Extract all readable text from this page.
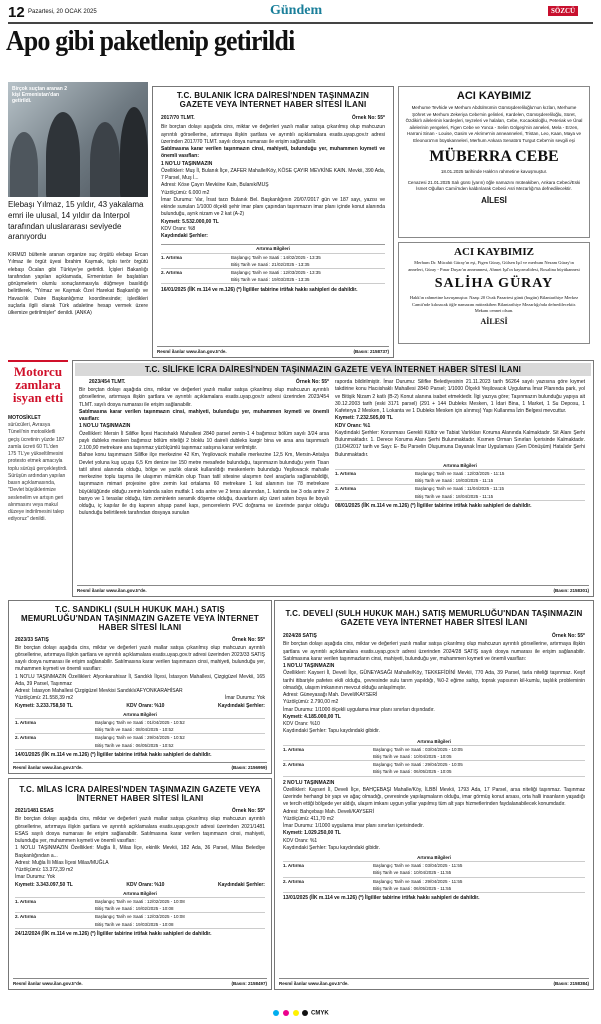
12 Pazartesi, 20 OCAK 2025	Gündem	SÖZCÜ
Apo gibi paketlenip getirildi
Birçok suçtan aranan 2 kişi Ermenistan'dan getirildi.
Elebaşı Yılmaz, 15 yıldır, 43 yakalama emri ile ulusal, 14 yıldır da Interpol tarafından uluslararası seviyede aranıyordu
KIRMIZI bültenle aranan organize suç örgütü elebaşı Ercan Yılmaz ile örgüt üyesi İbrahim Kaymak, tıpkı terör örgütü elebaşı Öcalan gibi Türkiye'ye getirildi. İçişleri Bakanlığı tarafından yapılan açıklamada, Ermenistan ile başlatılan görüşmelerin olumlu sonuçlanmasıyla düğmeye basıldığı belirtilerek, "Yılmaz ve Kaymak Özel Harekat Başkanlığı ve Havacılık Daire Başkanlığımız koordinesinde; işledikleri suçlarla ilgili olarak Türk adaletine hesap vermek üzere ülkemize getirilmişler" denildi. (ANKA)
T.C. BULANIK İCRA DAİRESİ'NDEN TAŞINMAZIN GAZETE VEYA İNTERNET HABER SİTESİ İLANI
2017/70 TLMT.	Örnek No: 55*
Bir borçtan dolayı aşağıda cins, miktar ve değerleri yazılı mallar satışa çıkarılmış olup mahcuzun ayrıntılı görsellerine, artırmaya ilişkin şartlara ve ayrıntılı açıklamalara esatis.uyap.gov.tr adresi üzerinden 2017/70 TLMT. sayılı dosya numarası ile erişim sağlanabilir.
Satılmasına karar verilen taşınmazın cinsi, mahiyeti, bulunduğu yer, muhammen kıymeti ve önemli vasıfları:
1 NO'LU TAŞINMAZIN
Özellikleri: Muş İl, Bulanık İlçe, ZAFER Mahalle/Köy, KÖSE ÇAYIR MEVKİNE KAIN. Mevkii, 390 Ada, 7 Parsel, Muş İ...
Adresi: Köse Çayırı Mevkiine Kain, Bulanık/MUŞ
Yüzölçümü: 6.000 m2
İmar Durumu: Var, İrsat tarzı Bulanık Bel. Başkanlığının 20/07/2017 gün ve 187 sayı, yazısı ve ekinde sunulan 1/1000 ölçekli şehir imar planı çapından taşınmazın imar planı içinde konut alanında bulunduğu, ayrık nizam ve 2 kat (A-2)
Kıymeti: 5.532.000,00 TL
KDV Oranı: %8
Kaydındaki Şerhler:
Artırma Bilgileri
1. Artırma	Başlangıç Tarih ve Saati : 14/02/2025 - 13:35
Bitiş Tarih ve Saati : 21/02/2025 - 13:35
2. Artırma	Başlangıç Tarih ve Saati : 12/03/2025 - 13:35
Bitiş Tarih ve Saati : 19/03/2025 - 13:35
16/01/2025 (İİK m.114 ve m.126) (*) İlgililer tabirine irtifak hakkı sahipleri de dahildir.
Resmî ilanlar www.ilan.gov.tr'de.	(Basın: 2158737)
ACI KAYBIMIZ
Merhume Tevhide ve Merhum Abdülmümin Gümüşdereliloğlu'nun kızları, Merhume Şöhret ve Merhum Zekeriya Cebe'nin gelinleri, Kardelen, Gümüşdereliloğlu, Süret, Özdikirlı ailelerinin kardeşleri, teyzeleri ve halaları, Cebe, Kocaoküloğlu, Peteriak ve Ünal ailelerinin yengeleri, Figen Cebe ve Yonca - Selim Gölgeşi'nin anneleri, Mela - Erzen, Harrani Sinan - Louise, Gasim ve Akrime'nin anneanneleri, Tristan, Leo, Kaan, Maya ve Eleonora'nın büyükanneleri, Merhum Ankara Senatörü Turgut Cebe'nin sevgili eşi
MÜBERRA CEBE
18.01.2025 tarihinde Hakk'ın rahmetine kavuşmuştur.
Cenazesi 21.01.2025 Salı günü (yarın) öğle namazını müteakiben, Ankara Cebeci/Eski İsmet Oğulları Camii'nden kaldırılarak Cebeci Asri Mezarlığı'na defnedilecektir.
AİLESİ
ACI KAYBIMIZ
Merhum Dr. Mücahit Güray'ın eşi, Figen Güray, Gülsen Işıl ve merhum Nezam Güray'ın anneleri, Güray - Pınar Duyar'ın anneannesi, Ahmet Işıl'ın kayınvalidesi, Rosalina büyükannesi
SALİHA GÜRAY
Hakk'ın rahmetine kavuşmuştur. Naaşı 20 Ocak Pazartesi günü (bugün) Bilantarihiye Merkez Camii'nde kılınacak öğle namazını müteakiben Bilantarihiye Mezarlığı'nda defnedilecektir. Mekanı cennet olsun.
AİLESİ
Motorcu zamlara isyan etti
MOTOSİKLET
sürücüleri, Avrasya Tüneli'nin motosikletli geçiş ücretinin yüzde 187 zamla ücreti 60 TL'den 175 TL'ye yükseltilmesini protesto etmek amacıyla toplu sürüşü gerçekleştirdi. Sürüşün ardından yapılan basın açıklamasında, "Devlet büyüklerimize seslenelim ve artışın geri alınmasını veya makul düzeye indirilmesini talep ediyoruz" denildi.
T.C. SİLİFKE İCRA DAİRESİ'NDEN TAŞINMAZIN GAZETE VEYA İNTERNET HABER SİTESİ İLANI
2023/454 TLMT.	Örnek No: 55*
Bir borçtan dolayı aşağıda cins, miktar ve değerleri yazılı mallar satışa çıkarılmış olup mahcuzun ayrıntılı görsellerine, artırmaya ilişkin şartlara ve ayrıntılı açıklamalara esatis.uyap.gov.tr adresi üzerinden 2023/454 TLMT. sayılı dosya numarası ile erişim sağlanabilir.
Satılmasına karar verilen taşınmazın cinsi, mahiyeti, bulunduğu yer, muhammen kıymeti ve önemli vasıfları:
1 NO'LU TAŞINMAZIN
Özellikleri: Mersin İl Silifke İlçesi Hacıishaklı Mahallesi 2840 parsel zemin-1 4 bağımsız bölüm sayılı 3/24 arsa paylı dubleks mesken bağımsız bölüm niteliği 2 bloklu 10 daireli dubleks kargir bina ve arsa ana taşınmazlı 2.100,90 metrekare ana taşınmaz yüzölçümlü taşınmaz satışına karar verilmiştir.
Bahse konu taşınmazın Silifke ilçe merkezine 42 Km, Yeşilovacık mahalle merkezine 12,5 Km, Mersin-Antalya Devlet yoluna kuş uçuşu 6,5 Km denize ise 150 metre mesafede bulunduğu, taşınmazın bulunduğu yerin Tisan tatil sitesi alanında olduğu, bölge ve yazlık olarak kullanıldığı meskenlerin bulunduğu Yeşilovacık mahalle merkezine toplu taşıma ile ulaşımın mümkün olup Tisan tatil sitesine ulaşımın özel araçlarla sağlanabildiği, taşınmazın mimari projesine göre zemin kat ortalama 60 metrekare 1 kat alanının ise 78 metrekare büyüklüğünde olduğu zemin katında salon mutfak 1 oda antre ve 2 teras alanından, 1. katında ise 3 oda antre 2 banyo ve 1 teraslar olduğu, tüm zeminlerin seramik döşeme olduğu, duvarların alçı üzeri saten boya ile boyalı olduğu, iç kapılar ile dış kapının ahşap panel kapı, pencerelerin PVC doğrama ve üzerinde panjur olduğu bulunduğu belirtilerek tarafından dosyaya sunulan
raporda bildirilmiştir. İmar Durumu: Silifke Belediyesinin 21.11.2023 tarih 56264 sayılı yazısına göre kıymet takdirine konu Hacıishaklı Mahallesi 2840 Parsel; 1/1000 Ölçekli Yeşilovacık Uygulama İmar Planında park, yol ve Bitişik Nizam 2 katlı (B-2) Konut alanına isabet etmektedir. İlgi yazıya göre; Taşınmazın bulunduğu yapıya ait 30.12.2003 tarih (eski 3171 parsel) (291 + 144 Dubleks Mesken, 1 İdari Bina, 1 Market, 1 Su Deposu, 1 Kafeterya 2 Mesken, 1 Lokanta ve 1 Dubleks Mesken için alınmış) Yapı Kullanma İzin Belgesi mevcuttur.
Kıymeti: 7.232.505,00 TL
KDV Oranı: %1
Kaydındaki Şerhler: Korunması Gerekli Kültür ve Tabiat Varlıkları Koruma Alanında Kalmaktadır. Sit Alanı Şerhi Bulunmaktadır. 1. Derece Koruma Alanı Şerhi Bulunmaktadır. Kısmen Orman Sınırları İçerisinde Kalmaktadır. (11/04/2017 tarih ve Sayı: E- Bu Parselin Oluşumuna Dayanak İmar Uygulaması (Gen Dönüşüm) Hatalıdır Şerhi Bulunmaktadır.
Artırma Bilgileri
1. Artırma	Başlangıç Tarih ve Saati : 12/03/2025 - 11:15
Bitiş Tarih ve Saati : 19/03/2025 - 11:15
2. Artırma	Başlangıç Tarih ve Saati : 11/04/2025 - 11:15
Bitiş Tarih ve Saati : 18/04/2025 - 11:15
08/01/2025 (İİK m.114 ve m.126) (*) İlgililer tabirine irtifak hakkı sahipleri de dahildir.
Resmî ilanlar www.ilan.gov.tr'de.	(Basın: 2158301)
T.C. SANDIKLI (SULH HUKUK MAH.) SATIŞ MEMURLUĞU'NDAN TAŞINMAZIN GAZETE VEYA İNTERNET HABER SİTESİ İLANI
2023/33 SATIŞ	Örnek No: 55*
Bir borçtan dolayı aşağıda cins, miktar ve değerleri yazılı mallar satışa çıkarılmış olup mahcuzun ayrıntılı görsellerine, artırmaya ilişkin şartlara ve ayrıntılı açıklamalara esatis.uyap.gov.tr adresi üzerinden 2023/33 SATIŞ sayılı dosya numarası ile erişim sağlanabilir. Satılmasına karar verilen taşınmazın cinsi, mahiyeti, bulunduğu yer, muhammen kıymeti ve önemli vasıfları:
1 NO'LU TAŞINMAZIN Özellikleri: Afyonkarahisar İl, Sandıklı İlçesi, İstasyon Mahallesi, Çizgigüzel Mevkii, 165 Ada, 39 Parsel, Taşınmaz
Adresi: İstasyon Mahallesi Çizgigüzel Mevkisi Sandıklı/AFYONKARAHİSAR
Yüzölçümü: 21.558,39 m2	İmar Durumu: Yok
Kıymeti: 3.233.758,50 TL	KDV Oranı: %10	Kaydındaki Şerhler:
Artırma Bilgileri
1. Artırma	Başlangıç Tarih ve Saati : 01/04/2025 - 10:52
Bitiş Tarih ve Saati : 08/04/2025 - 10:52
2. Artırma	Başlangıç Tarih ve Saati : 29/04/2025 - 10:52
Bitiş Tarih ve Saati : 06/05/2025 - 10:52
14/01/2025 (İİK m.114 ve m.126) (*) İlgililer tabirine irtifak hakkı sahipleri de dahildir.
Resmî ilanlar www.ilan.gov.tr'de.	(Basın: 2156959)
T.C. MİLAS İCRA DAİRESİ'NDEN TAŞINMAZIN GAZETE VEYA İNTERNET HABER SİTESİ İLANI
2021/1481 ESAS	Örnek No: 55*
Bir borçtan dolayı aşağıda cins, miktar ve değerleri yazılı mallar satışa çıkarılmış olup mahcuzun ayrıntılı görsellerine, artırmaya ilişkin şartlara ve ayrıntılı açıklamalara esatis.uyap.gov.tr adresi üzerinden 2021/1481 ESAS sayılı dosya numarası ile erişim sağlanabilir. Satılmasına karar verilen taşınmazın cinsi, mahiyeti, bulunduğu yer, muhammen kıymeti ve önemli vasıfları:
1 NO'LU TAŞINMAZIN Özellikleri: Muğla İl, Milas İlçe, ekinlik Mevkii, 182 Ada, 36 Parsel, Milas Belediye Başkanlığından a...
Adresi: Muğla İli Milas İlçesi Milas/MUĞLA
Yüzölçümü: 13.372,39 m2
İmar Durumu: Yok
Kıymeti: 3.343.097,50 TL	KDV Oranı: %10	Kaydındaki Şerhler:
Artırma Bilgileri
1. Artırma	Başlangıç Tarih ve Saati : 12/02/2025 - 10:08
Bitiş Tarih ve Saati : 19/02/2025 - 10:08
2. Artırma	Başlangıç Tarih ve Saati : 12/03/2025 - 10:08
Bitiş Tarih ve Saati : 19/03/2025 - 10:08
24/12/2024 (İİK m.114 ve m.126) (*) İlgililer tabirine irtifak hakkı sahipleri de dahildir.
Resmî ilanlar www.ilan.gov.tr'de.	(Basın: 2158497)
T.C. DEVELİ (SULH HUKUK MAH.) SATIŞ MEMURLUĞU'NDAN TAŞINMAZIN GAZETE VEYA İNTERNET HABER SİTESİ İLANI
2024/28 SATIŞ	Örnek No: 55*
Bir borçtan dolayı aşağıda cins, miktar ve değerleri yazılı mallar satışa çıkarılmış olup mahcuzun ayrıntılı görsellerine, artırmaya ilişkin şartlara ve ayrıntılı açıklamalara esatis.uyap.gov.tr adresi üzerinden 2024/28 SATIŞ sayılı dosya numarası ile erişim sağlanabilir. Satılmasına karar verilen taşınmazların cinsi, mahiyeti, bulunduğu yer, muhammen kıymeti ve önemli vasıfları:
1 NO'LU TAŞINMAZIN
Özellikleri: Kayseri İl, Develi İlçe, GÜNEYASAĞI Mahalle/Köy, TEKKEFİDİNİ Mevkii, 770 Ada, 39 Parsel, tarla niteliği taşınmaz. Keşif tarihi itibariyle pafetes ekili olduğu, çevresinde sulu tarım yapıldığı, %0-2 eğime sahip, toprak yapısının kil-kumlu, taşlılık probleminin olmadığı, ulaşım imkanının mevcut olduğu anlaşılmıştır.
Adresi: Güneyasağı Mah. Develi/KAYSERİ
Yüzölçümü: 2.790,00 m2
İmar Durumu: 1/1000 ölçekli uygulama imar planı sınırları dışındadır.
Kıymeti: 4.185.000,00 TL
KDV Oranı: %10
Kaydındaki Şerhler: Tapu kaydındaki gibidir.
Artırma Bilgileri
1. Artırma	Başlangıç Tarih ve Saati : 03/04/2025 - 10:05
Bitiş Tarih ve Saati : 10/04/2025 - 10:05
2. Artırma	Başlangıç Tarih ve Saati : 29/04/2025 - 10:05
Bitiş Tarih ve Saati : 06/05/2025 - 10:05
2 NO'LU TAŞINMAZIN
Özellikleri: Kayseri İl, Develi İlçe, BAHÇEBAŞI Mahalle/Köy, İLBBİ Mevkii, 1793 Ada, 17 Parsel, arsa niteliği taşınmaz. Taşınmaz üzerinde herhangi bir yapı ve ağaç olmadığı, çevresinde yapılaşmaların olduğu, imar görmüş konut arsası, orta halli insanların yaşadığı ve tercih ettiği bölgede yer aldığı, ulaşım imkanı uygun yollar yapılmış tüm alt yapı hizmetlerinden faydalanabilecek konumdadır.
Adresi: Bahçebaşı Mah. Develi/KAYSERİ
Yüzölçümü: 411,70 m2
İmar Durumu: 1/1000 uygulama imar planı sınırları içerisindedir.
Kıymeti: 1.029.250,00 TL
KDV Oranı: %1
Kaydındaki Şerhler: Tapu kaydındaki gibidir.
Artırma Bilgileri
1. Artırma	Başlangıç Tarih ve Saati : 03/04/2025 - 11:55
Bitiş Tarih ve Saati : 10/04/2025 - 11:55
2. Artırma	Başlangıç Tarih ve Saati : 29/04/2025 - 11:55
Bitiş Tarih ve Saati : 06/05/2025 - 11:55
13/01/2025 (İİK m.114 ve m.126) (*) İlgililer tabirine irtifak hakkı sahipleri de dahildir.
Resmî ilanlar www.ilan.gov.tr'de.	(Basın: 2158384)
CMYK
